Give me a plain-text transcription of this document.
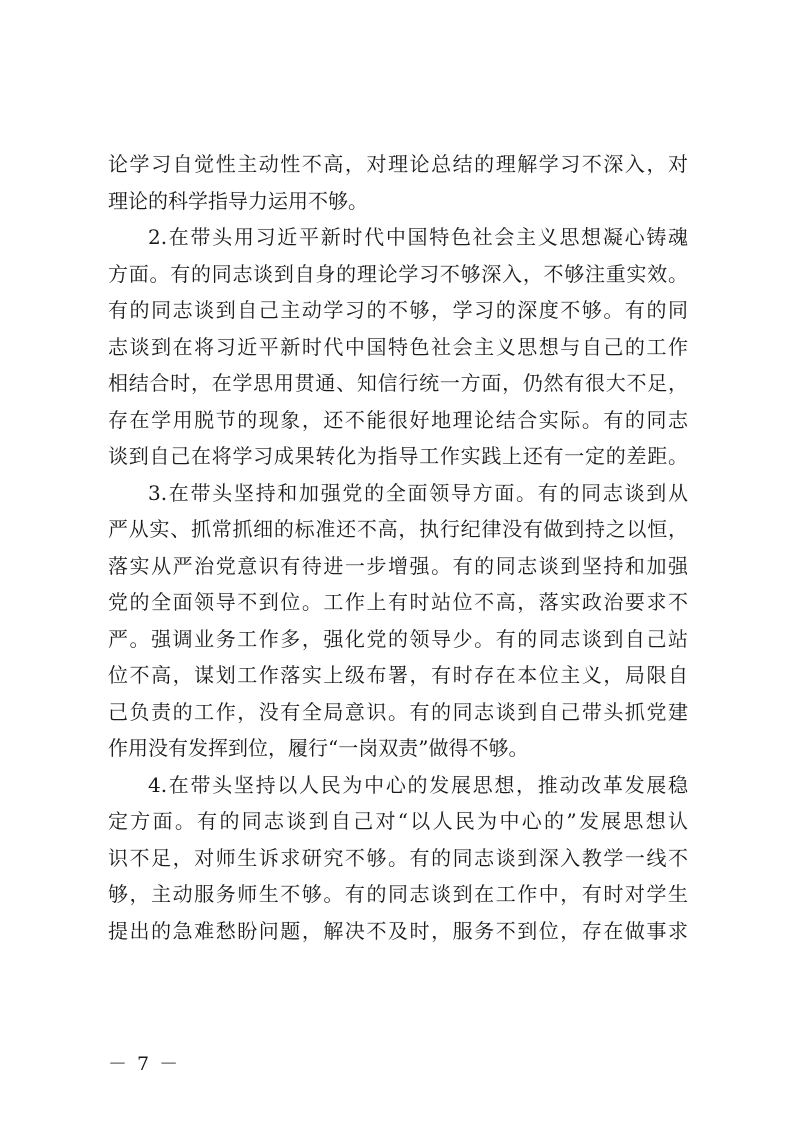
论学习自觉性主动性不高，对理论总结的理解学习不深入，对
理论的科学指导力运用不够。
2.在带头用习近平新时代中国特色社会主义思想凝心铸魂
方面。有的同志谈到自身的理论学习不够深入，不够注重实效。
有的同志谈到自己主动学习的不够，学习的深度不够。有的同
志谈到在将习近平新时代中国特色社会主义思想与自己的工作
相结合时，在学思用贯通、知信行统一方面，仍然有很大不足，
存在学用脱节的现象，还不能很好地理论结合实际。有的同志
谈到自己在将学习成果转化为指导工作实践上还有一定的差距。
3.在带头坚持和加强党的全面领导方面。有的同志谈到从
严从实、抓常抓细的标准还不高，执行纪律没有做到持之以恒，
落实从严治党意识有待进一步增强。有的同志谈到坚持和加强
党的全面领导不到位。工作上有时站位不高，落实政治要求不
严。强调业务工作多，强化党的领导少。有的同志谈到自己站
位不高，谋划工作落实上级布署，有时存在本位主义，局限自
己负责的工作，没有全局意识。有的同志谈到自己带头抓党建
作用没有发挥到位，履行“一岗双责”做得不够。
4.在带头坚持以人民为中心的发展思想，推动改革发展稳
定方面。有的同志谈到自己对“以人民为中心的”发展思想认
识不足，对师生诉求研究不够。有的同志谈到深入教学一线不
够，主动服务师生不够。有的同志谈到在工作中，有时对学生
提出的急难愁盼问题，解决不及时，服务不到位，存在做事求
－ 7 －
